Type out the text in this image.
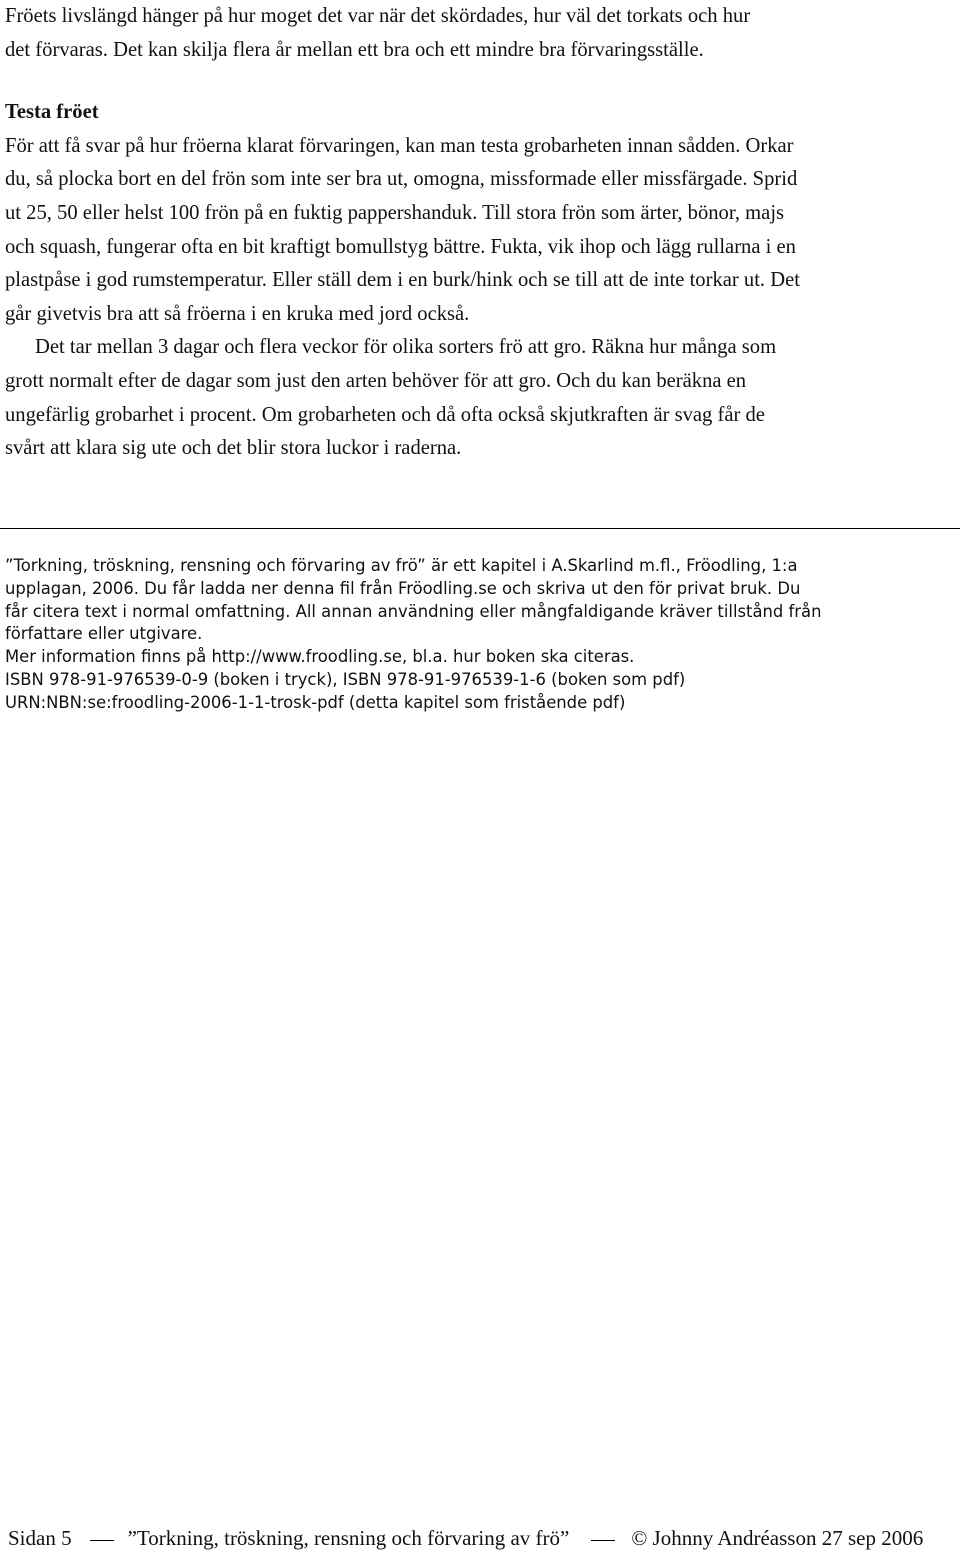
Fröets livslängd hänger på hur moget det var när det skördades, hur väl det torkats och hur

det förvaras. Det kan skilja flera år mellan ett bra och ett mindre bra förvaringsställe.

Testa fröet

För att få svar på hur fröerna klarat förvaringen, kan man testa grobarheten innan sådden. Orkar

du, så plocka bort en del frön som inte ser bra ut, omogna, missformade eller missfärgade. Sprid

ut 25, 50 eller helst 100 frön på en fuktig pappershanduk. Till stora frön som ärter, bönor, majs

och squash, fungerar ofta en bit kraftigt bomullstyg bättre. Fukta, vik ihop och lägg rullarna i en

plastpåse i god rumstemperatur. Eller ställ dem i en burk/hink och se till att de inte torkar ut. Det

går givetvis bra att så fröerna i en kruka med jord också.

Det tar mellan 3 dagar och flera veckor för olika sorters frö att gro. Räkna hur många som

grott normalt efter de dagar som just den arten behöver för att gro. Och du kan beräkna en

ungefärlig grobarhet i procent. Om grobarheten och då ofta också skjutkraften är svag får de

svårt att klara sig ute och det blir stora luckor i raderna.

”Torkning, tröskning, rensning och förvaring av frö” är ett kapitel i A.Skarlind m.fl., Fröodling, 1:a

upplagan, 2006. Du får ladda ner denna fil från Fröodling.se och skriva ut den för privat bruk. Du

får citera text i normal omfattning. All annan användning eller mångfaldigande kräver tillstånd från

författare eller utgivare.

Mer information finns på http://www.froodling.se, bl.a. hur boken ska citeras.

ISBN 978-91-976539-0-9 (boken i tryck), ISBN 978-91-976539-1-6 (boken som pdf)

URN:NBN:se:froodling-2006-1-1-trosk-pdf (detta kapitel som fristående pdf)

Sidan 5	”Torkning, tröskning, rensning och förvaring av frö”	© Johnny Andréasson 27 sep 2006
